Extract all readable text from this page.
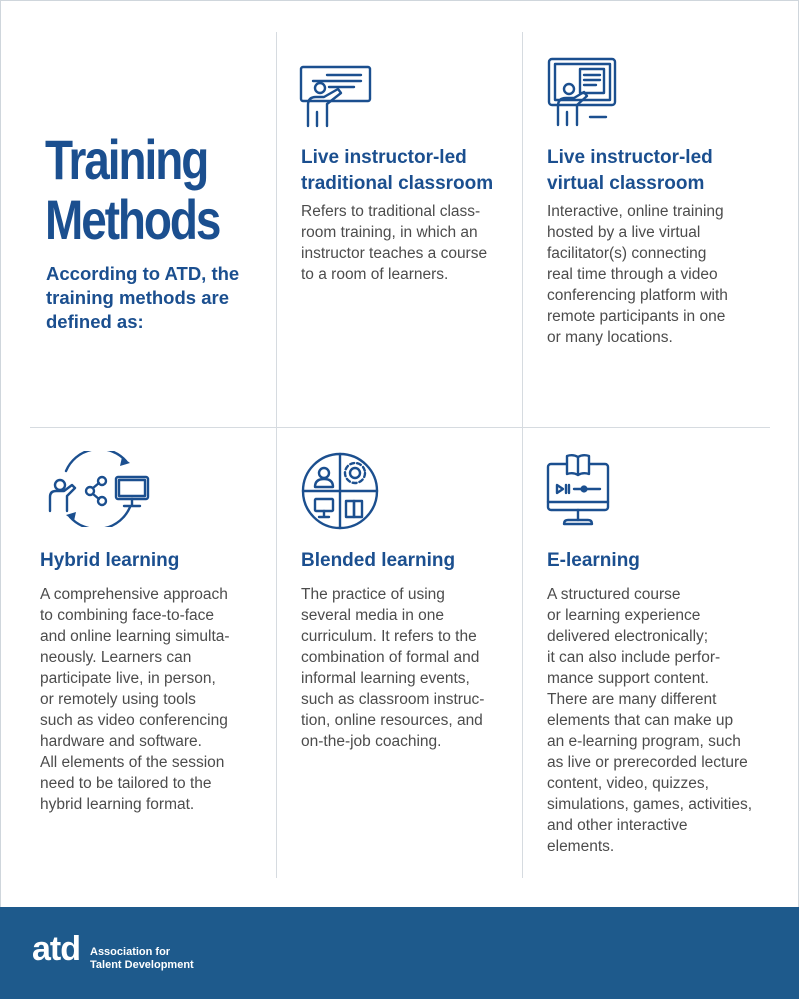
Training
Methods

According to ATD, the training methods are defined as:

Live instructor-led
traditional classroom

Refers to traditional class-
room training, in which an
instructor teaches a course
to a room of learners.

Live instructor-led
virtual classroom

Interactive, online training
hosted by a live virtual
facilitator(s) connecting
real time through a video
conferencing platform with
remote participants in one
or many locations.

Hybrid learning

A comprehensive approach
to combining face-to-face
and online learning simulta-
neously. Learners can
participate live, in person,
or remotely using tools
such as video conferencing
hardware and software.
All elements of the session
need to be tailored to the
hybrid learning format.

Blended learning

The practice of using
several media in one
curriculum. It refers to the
combination of formal and
informal learning events,
such as classroom instruc-
tion, online resources, and
on-the-job coaching.

E-learning

A structured course
or learning experience
delivered electronically;
it can also include perfor-
mance support content.
There are many different
elements that can make up
an e-learning program, such
as live or prerecorded lecture
content, video, quizzes,
simulations, games, activities,
and other interactive
elements.

atd Association for
Talent Development
